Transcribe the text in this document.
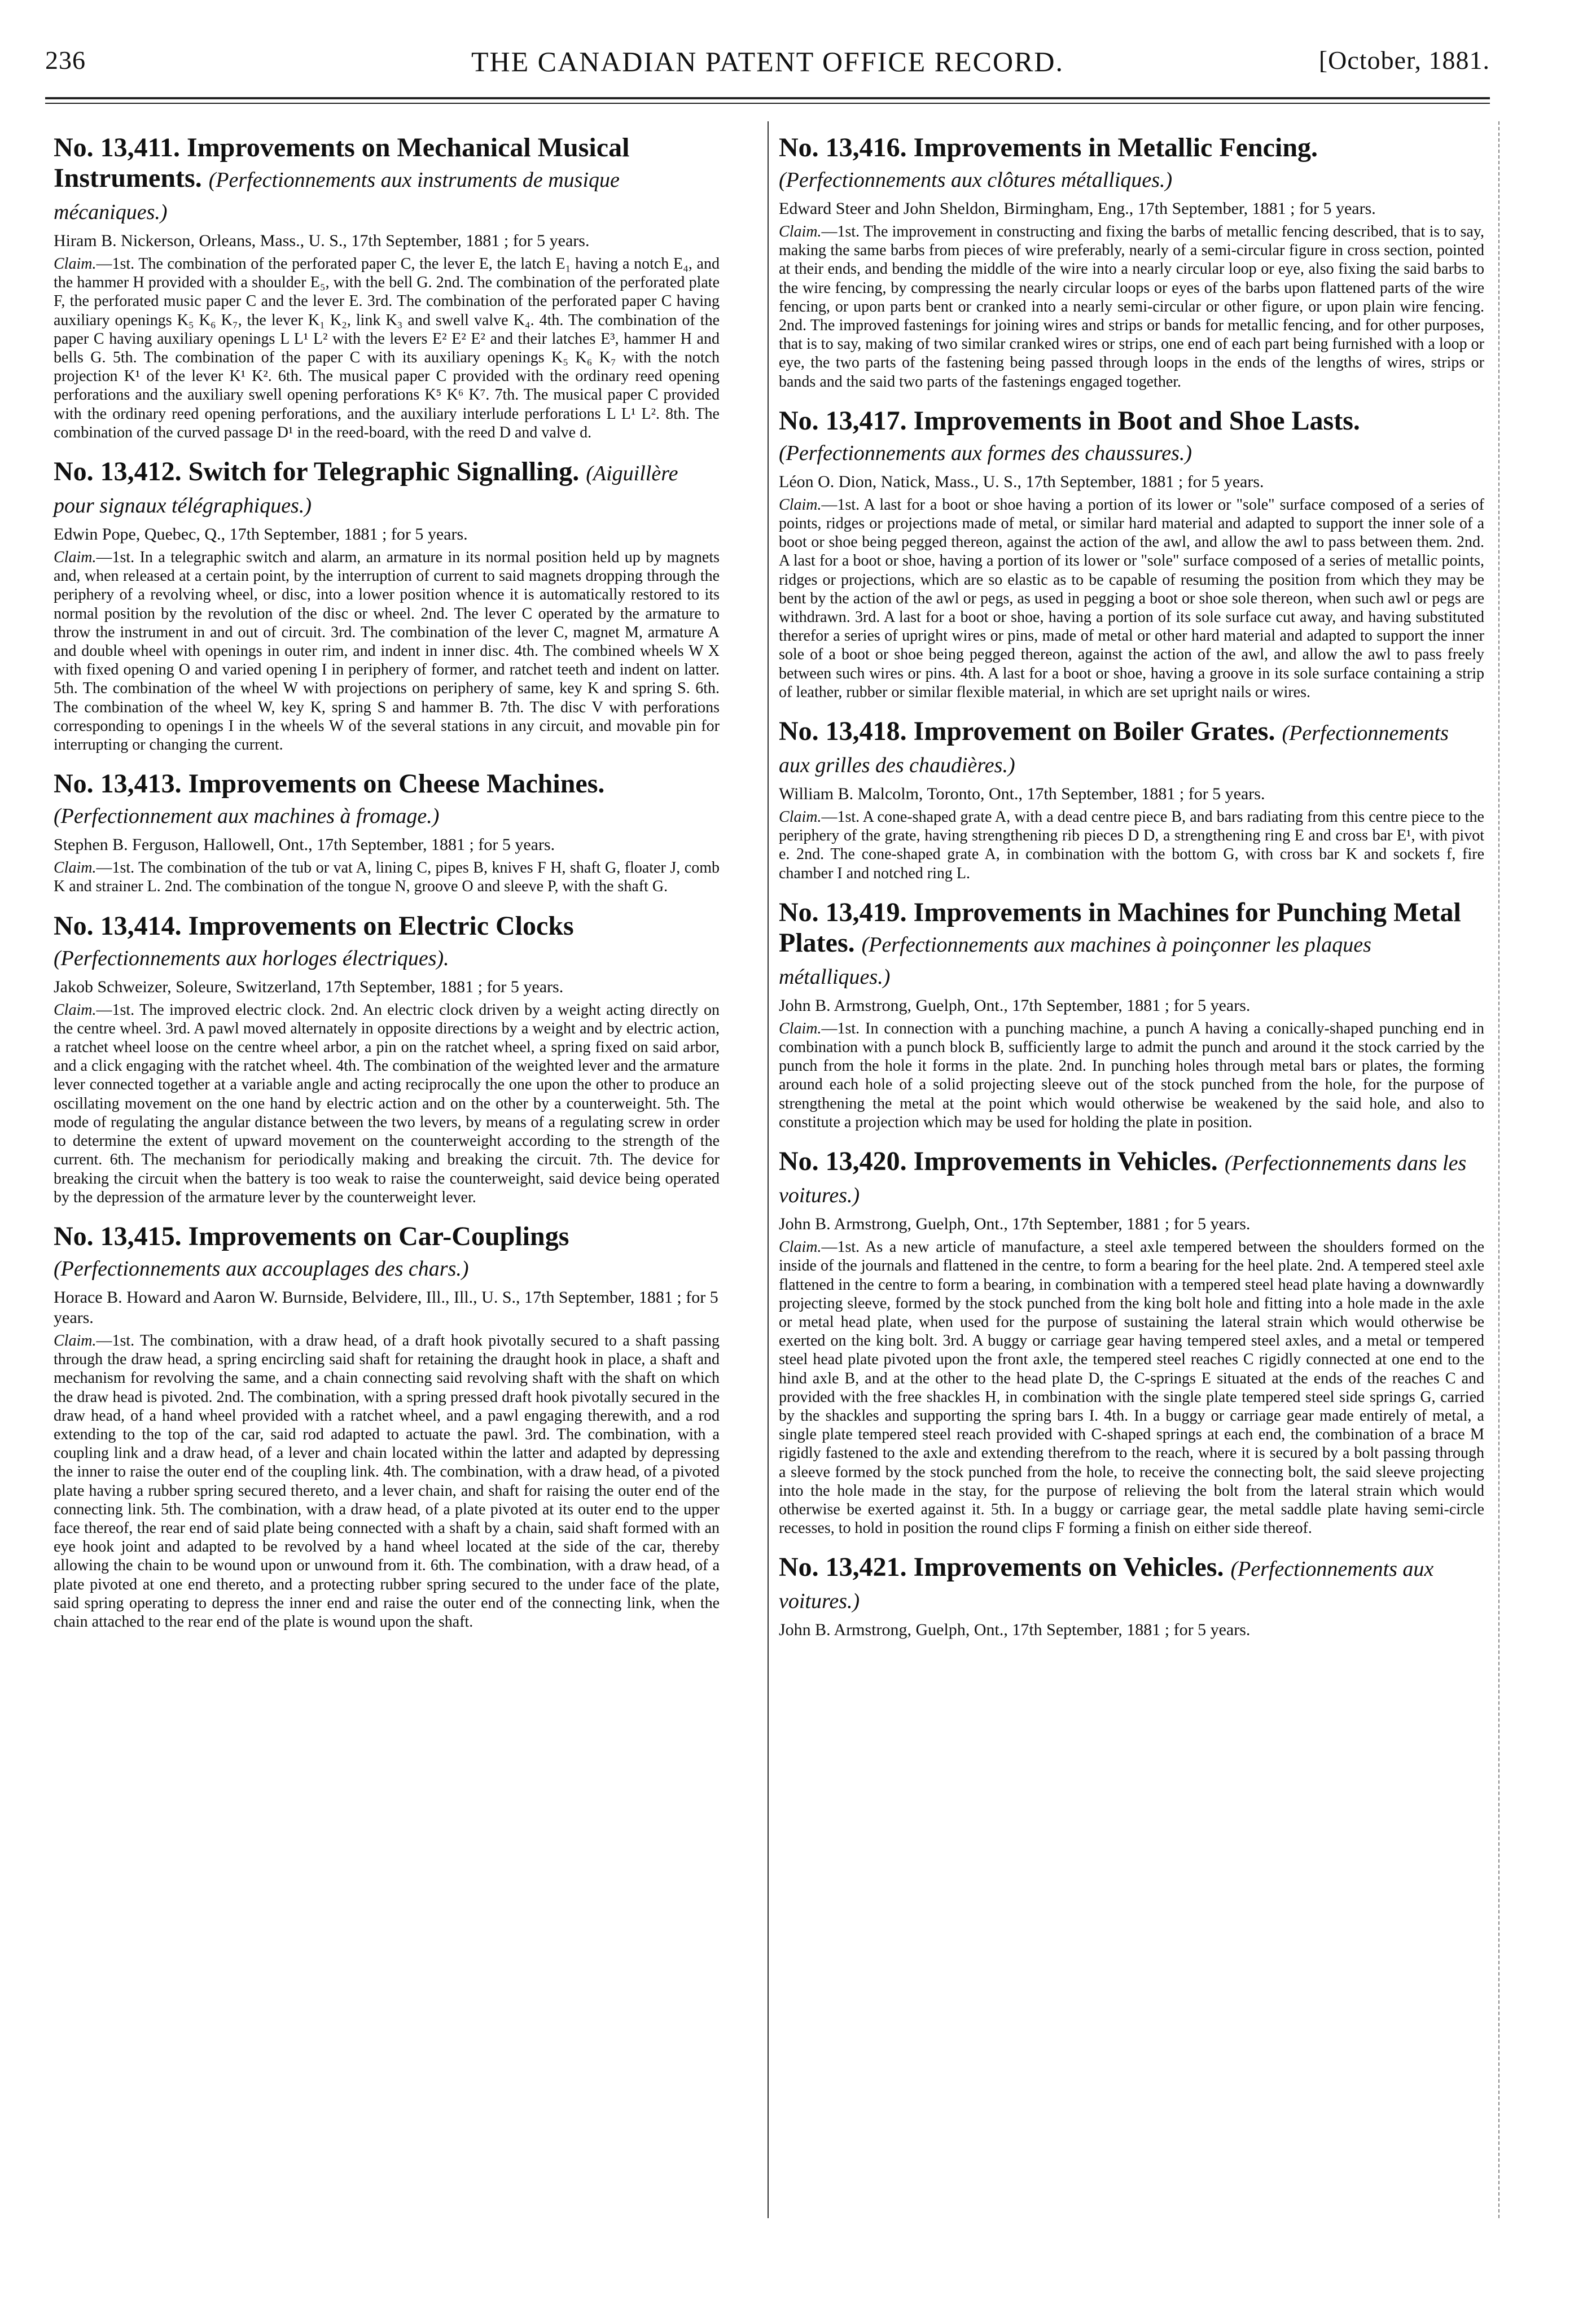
236	THE CANADIAN PATENT OFFICE RECORD.	[October, 1881.
No. 13,411. Improvements on Mechanical Musical Instruments. (Perfectionnements aux instruments de musique mécaniques.)
Hiram B. Nickerson, Orleans, Mass., U. S., 17th September, 1881 ; for 5 years.
Claim.—1st. The combination of the perforated paper C, the lever E, the latch E₁ having a notch E₄, and the hammer H provided with a shoulder E₅, with the bell G. 2nd. The combination of the perforated plate F, the perforated music paper C and the lever E. 3rd. The combination of the perforated paper C having auxiliary openings K₅ K₆ K₇, the lever K₁ K₂, link K₃ and swell valve K₄. 4th. The combination of the paper C having auxiliary openings L L¹ L² with the levers E² E² E² and their latches E³, hammer H and bells G. 5th. The combination of the paper C with its auxiliary openings K₅ K₆ K₇ with the notch projection K¹ of the lever K¹ K². 6th. The musical paper C provided with the ordinary reed opening perforations and the auxiliary swell opening perforations K⁵ K⁶ K⁷. 7th. The musical paper C provided with the ordinary reed opening perforations, and the auxiliary interlude perforations L L¹ L². 8th. The combination of the curved passage D¹ in the reed-board, with the reed D and valve d.
No. 13,412. Switch for Telegraphic Signalling. (Aiguillère pour signaux télégraphiques.)
Edwin Pope, Quebec, Q., 17th September, 1881 ; for 5 years.
Claim.—1st. In a telegraphic switch and alarm, an armature in its normal position held up by magnets and, when released at a certain point, by the interruption of current to said magnets dropping through the periphery of a revolving wheel, or disc, into a lower position whence it is automatically restored to its normal position by the revolution of the disc or wheel. 2nd. The lever C operated by the armature to throw the instrument in and out of circuit. 3rd. The combination of the lever C, magnet M, armature A and double wheel with openings in outer rim, and indent in inner disc. 4th. The combined wheels W X with fixed opening O and varied opening I in periphery of former, and ratchet teeth and indent on latter. 5th. The combination of the wheel W with projections on periphery of same, key K and spring S. 6th. The combination of the wheel W, key K, spring S and hammer B. 7th. The disc V with perforations corresponding to openings I in the wheels W of the several stations in any circuit, and movable pin for interrupting or changing the current.
No. 13,413. Improvements on Cheese Machines. (Perfectionnement aux machines à fromage.)
Stephen B. Ferguson, Hallowell, Ont., 17th September, 1881 ; for 5 years.
Claim.—1st. The combination of the tub or vat A, lining C, pipes B, knives F H, shaft G, floater J, comb K and strainer L. 2nd. The combination of the tongue N, groove O and sleeve P, with the shaft G.
No. 13,414. Improvements on Electric Clocks (Perfectionnements aux horloges électriques).
Jakob Schweizer, Soleure, Switzerland, 17th September, 1881 ; for 5 years.
Claim.—1st. The improved electric clock. 2nd. An electric clock driven by a weight acting directly on the centre wheel. 3rd. A pawl moved alternately in opposite directions by a weight and by electric action, a ratchet wheel loose on the centre wheel arbor, a pin on the ratchet wheel, a spring fixed on said arbor, and a click engaging with the ratchet wheel. 4th. The combination of the weighted lever and the armature lever connected together at a variable angle and acting reciprocally the one upon the other to produce an oscillating movement on the one hand by electric action and on the other by a counterweight. 5th. The mode of regulating the angular distance between the two levers, by means of a regulating screw in order to determine the extent of upward movement on the counterweight according to the strength of the current. 6th. The mechanism for periodically making and breaking the circuit. 7th. The device for breaking the circuit when the battery is too weak to raise the counterweight, said device being operated by the depression of the armature lever by the counterweight lever.
No. 13,415. Improvements on Car-Couplings (Perfectionnements aux accouplages des chars.)
Horace B. Howard and Aaron W. Burnside, Belvidere, Ill., Ill., U. S., 17th September, 1881 ; for 5 years.
Claim.—1st. The combination, with a draw head, of a draft hook pivotally secured to a shaft passing through the draw head, a spring encircling said shaft for retaining the draught hook in place, a shaft and mechanism for revolving the same, and a chain connecting said revolving shaft with the shaft on which the draw head is pivoted. 2nd. The combination, with a spring pressed draft hook pivotally secured in the draw head, of a hand wheel provided with a ratchet wheel, and a pawl engaging therewith, and a rod extending to the top of the car, said rod adapted to actuate the pawl. 3rd. The combination, with a coupling link and a draw head, of a lever and chain located within the latter and adapted by depressing the inner to raise the outer end of the coupling link. 4th. The combination, with a draw head, of a pivoted plate having a rubber spring secured thereto, and a lever chain, and shaft for raising the outer end of the connecting link. 5th. The combination, with a draw head, of a plate pivoted at its outer end to the upper face thereof, the rear end of said plate being connected with a shaft by a chain, said shaft formed with an eye hook joint and adapted to be revolved by a hand wheel located at the side of the car, thereby allowing the chain to be wound upon or unwound from it. 6th. The combination, with a draw head, of a plate pivoted at one end thereto, and a protecting rubber spring secured to the under face of the plate, said spring operating to depress the inner end and raise the outer end of the connecting link, when the chain attached to the rear end of the plate is wound upon the shaft.
No. 13,416. Improvements in Metallic Fencing. (Perfectionnements aux clôtures métalliques.)
Edward Steer and John Sheldon, Birmingham, Eng., 17th September, 1881 ; for 5 years.
Claim.—1st. The improvement in constructing and fixing the barbs of metallic fencing described, that is to say, making the same barbs from pieces of wire preferably, nearly of a semi-circular figure in cross section, pointed at their ends, and bending the middle of the wire into a nearly circular loop or eye, also fixing the said barbs to the wire fencing, by compressing the nearly circular loops or eyes of the barbs upon flattened parts of the wire fencing, or upon parts bent or cranked into a nearly semi-circular or other figure, or upon plain wire fencing. 2nd. The improved fastenings for joining wires and strips or bands for metallic fencing, and for other purposes, that is to say, making of two similar cranked wires or strips, one end of each part being furnished with a loop or eye, the two parts of the fastening being passed through loops in the ends of the lengths of wires, strips or bands and the said two parts of the fastenings engaged together.
No. 13,417. Improvements in Boot and Shoe Lasts. (Perfectionnements aux formes des chaussures.)
Léon O. Dion, Natick, Mass., U. S., 17th September, 1881 ; for 5 years.
Claim.—1st. A last for a boot or shoe having a portion of its lower or "sole" surface composed of a series of points, ridges or projections made of metal, or similar hard material and adapted to support the inner sole of a boot or shoe being pegged thereon, against the action of the awl, and allow the awl to pass between them. 2nd. A last for a boot or shoe, having a portion of its lower or "sole" surface composed of a series of metallic points, ridges or projections, which are so elastic as to be capable of resuming the position from which they may be bent by the action of the awl or pegs, as used in pegging a boot or shoe sole thereon, when such awl or pegs are withdrawn. 3rd. A last for a boot or shoe, having a portion of its sole surface cut away, and having substituted therefor a series of upright wires or pins, made of metal or other hard material and adapted to support the inner sole of a boot or shoe being pegged thereon, against the action of the awl, and allow the awl to pass freely between such wires or pins. 4th. A last for a boot or shoe, having a groove in its sole surface containing a strip of leather, rubber or similar flexible material, in which are set upright nails or wires.
No. 13,418. Improvement on Boiler Grates. (Perfectionnements aux grilles des chaudières.)
William B. Malcolm, Toronto, Ont., 17th September, 1881 ; for 5 years.
Claim.—1st. A cone-shaped grate A, with a dead centre piece B, and bars radiating from this centre piece to the periphery of the grate, having strengthening rib pieces D D, a strengthening ring E and cross bar E¹, with pivot e. 2nd. The cone-shaped grate A, in combination with the bottom G, with cross bar K and sockets f, fire chamber I and notched ring L.
No. 13,419. Improvements in Machines for Punching Metal Plates. (Perfectionnements aux machines à poinçonner les plaques métalliques.)
John B. Armstrong, Guelph, Ont., 17th September, 1881 ; for 5 years.
Claim.—1st. In connection with a punching machine, a punch A having a conically-shaped punching end in combination with a punch block B, sufficiently large to admit the punch and around it the stock carried by the punch from the hole it forms in the plate. 2nd. In punching holes through metal bars or plates, the forming around each hole of a solid projecting sleeve out of the stock punched from the hole, for the purpose of strengthening the metal at the point which would otherwise be weakened by the said hole, and also to constitute a projection which may be used for holding the plate in position.
No. 13,420. Improvements in Vehicles. (Perfectionnements dans les voitures.)
John B. Armstrong, Guelph, Ont., 17th September, 1881 ; for 5 years.
Claim.—1st. As a new article of manufacture, a steel axle tempered between the shoulders formed on the inside of the journals and flattened in the centre, to form a bearing for the heel plate. 2nd. A tempered steel axle flattened in the centre to form a bearing, in combination with a tempered steel head plate having a downwardly projecting sleeve, formed by the stock punched from the king bolt hole and fitting into a hole made in the axle or metal head plate, when used for the purpose of sustaining the lateral strain which would otherwise be exerted on the king bolt. 3rd. A buggy or carriage gear having tempered steel axles, and a metal or tempered steel head plate pivoted upon the front axle, the tempered steel reaches C rigidly connected at one end to the hind axle B, and at the other to the head plate D, the C-springs E situated at the ends of the reaches C and provided with the free shackles H, in combination with the single plate tempered steel side springs G, carried by the shackles and supporting the spring bars I. 4th. In a buggy or carriage gear made entirely of metal, a single plate tempered steel reach provided with C-shaped springs at each end, the combination of a brace M rigidly fastened to the axle and extending therefrom to the reach, where it is secured by a bolt passing through a sleeve formed by the stock punched from the hole, to receive the connecting bolt, the said sleeve projecting into the hole made in the stay, for the purpose of relieving the bolt from the lateral strain which would otherwise be exerted against it. 5th. In a buggy or carriage gear, the metal saddle plate having semi-circle recesses, to hold in position the round clips F forming a finish on either side thereof.
No. 13,421. Improvements on Vehicles. (Perfectionnements aux voitures.)
John B. Armstrong, Guelph, Ont., 17th September, 1881 ; for 5 years.
